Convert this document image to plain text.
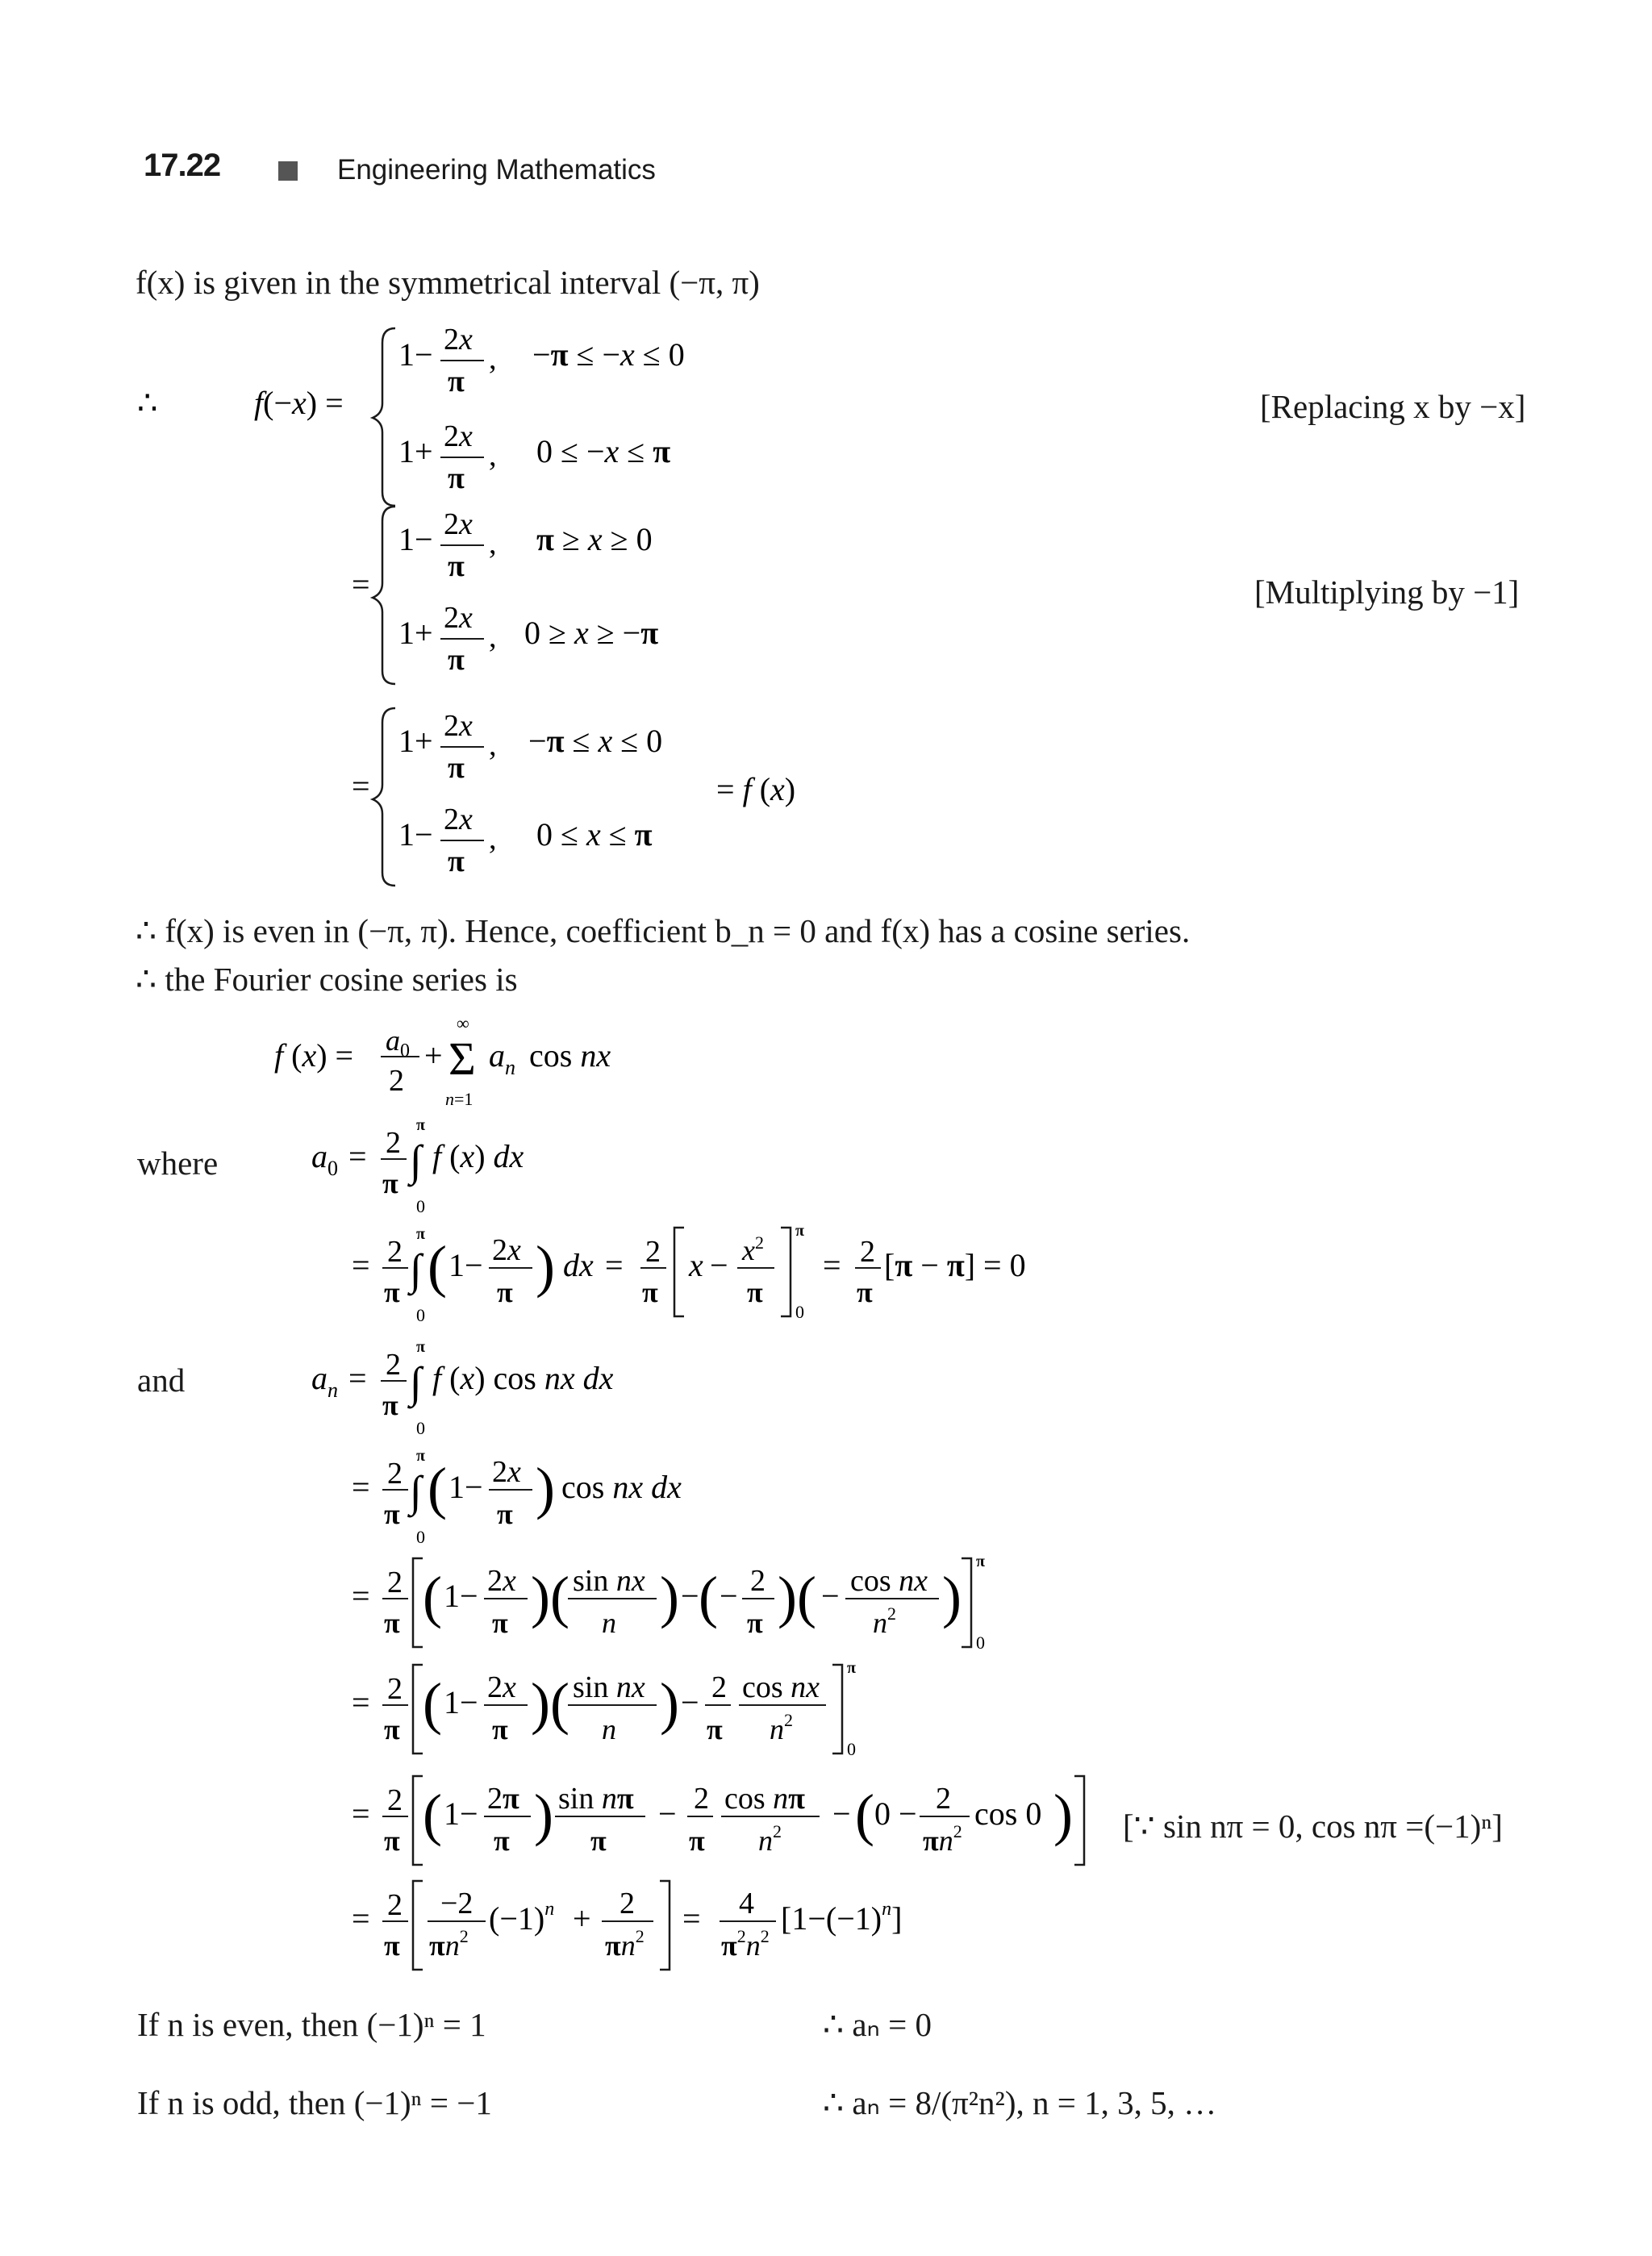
17.22	Engineering Mathematics
f(x) is given in the symmetrical interval (−π, π)
∴	f(−x) =
1− 2x
π
, −π ≤ −x ≤ 0
1+ 2x
π
, 0 ≤ −x ≤ π
[Replacing x by −x]
=
1− 2x
π
, π ≥ x ≥ 0
1+ 2x
π
, 0 ≥ x ≥ −π
[Multiplying by −1]
=
1+ 2x
π
, −π ≤ x ≤ 0
= f (x)
1− 2x
π
, 0 ≤ x ≤ π
∴ f(x) is even in (−π, π). Hence, coefficient b_n = 0 and f(x) has a cosine series.
∴ the Fourier cosine series is
f $(x) = a_0$
2
+
∞
Σ
n=1
$a_n$ cos nx
where	$a_0 = 2$
π
π
∫
0
f (x) dx
= 2
π
π
∫
0
( 1− 2x
π ) dx = 2
π
$x - x^2$
π
π
0
= 2
π
[π − π] = 0
and	$a_n = 2$
π
π
∫
0
f (x) cos nx dx
= 2
π
π
∫
0
( 1− 2x
π ) cos nx dx
= 2
π ( 1− 2x
π )( sin nx
n ) − ( − 2
π )( − cos nx
$n^2$ )
π
0
= 2
π ( 1− 2x
π )( sin nx
n ) − 2
π
cos nx
$n^2$
π
0
= 2
π ( 1− 2π
π ) sin nπ
π
− 2
π
cos nπ
$n^2$ − ( 0 − 2
$\pi n^2$ cos 0 ) [∵ sin nπ = 0, cos nπ =(−1)ⁿ]
= 2
π
−2
$\pi n^2$ $(-1)^n + 2$
$\pi n^2 = 4$
$\pi^2n^2$ $[1-(-1)^n]$
If n is even, then (−1)ⁿ = 1	∴ aₙ = 0
If n is odd, then (−1)ⁿ = −1	∴ aₙ = 8/(π²n²), n = 1, 3, 5, …
